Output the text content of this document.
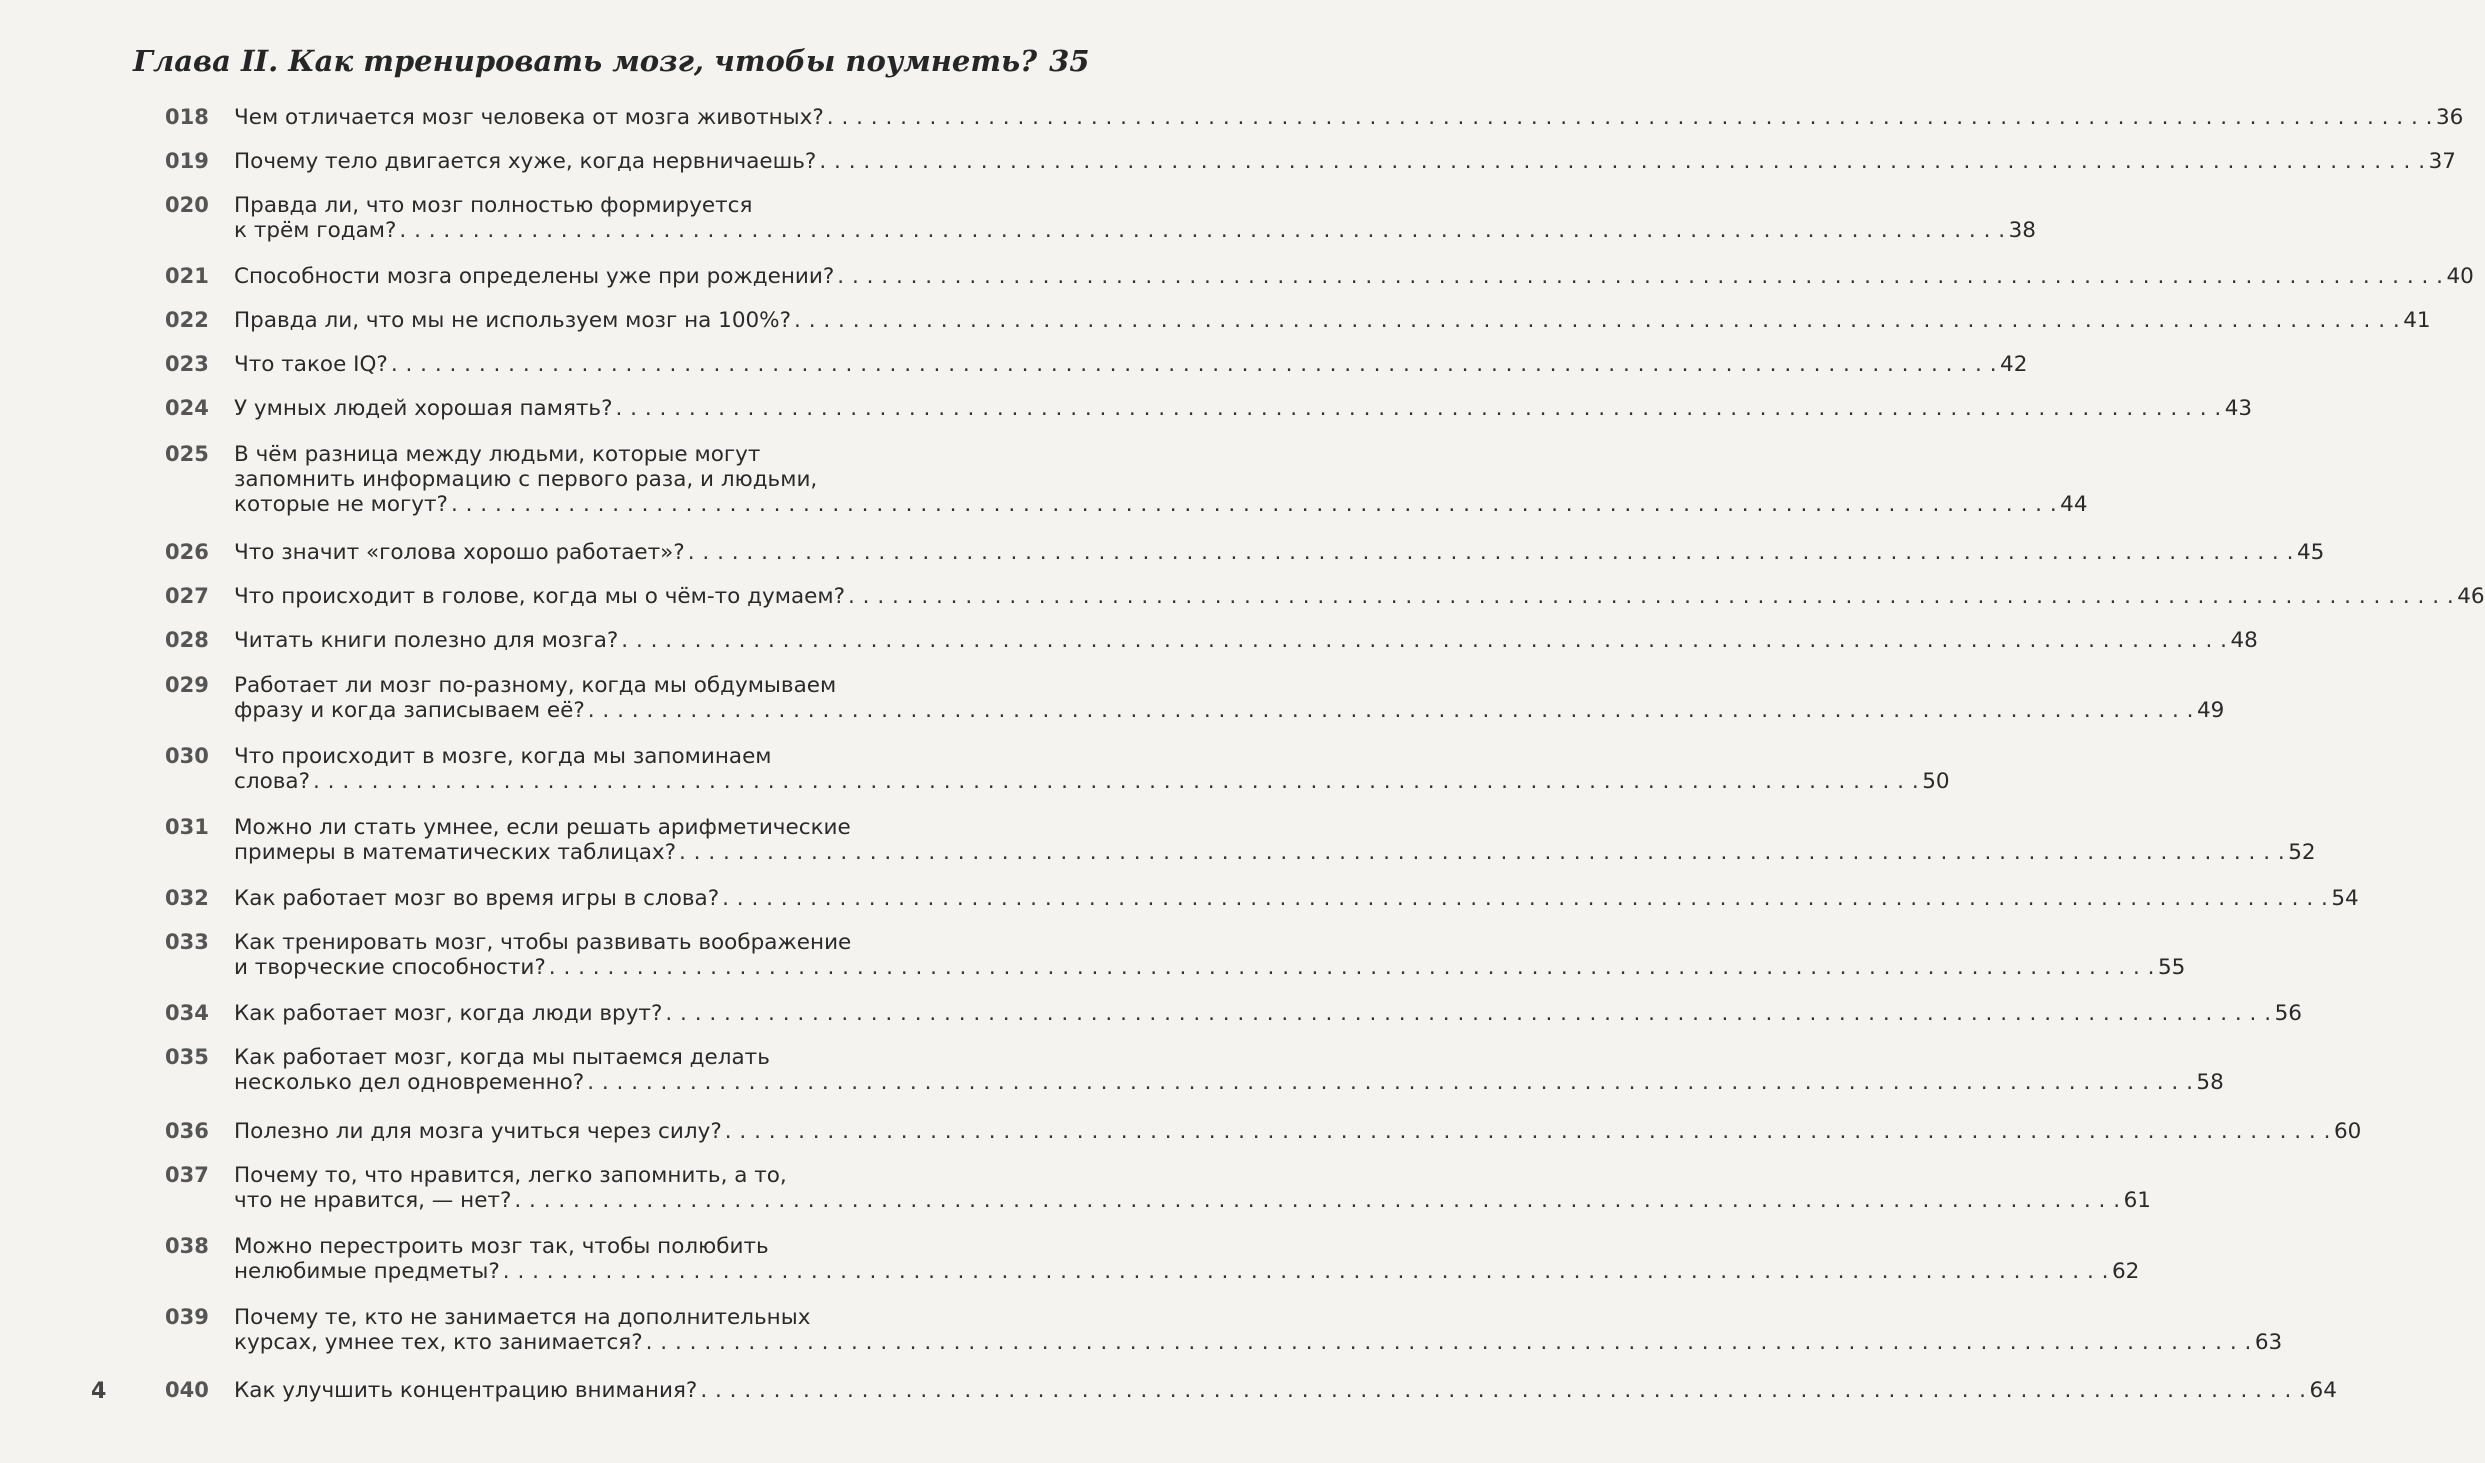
Глава II. Как тренировать мозг, чтобы поумнеть? 35
018	Чем отличается мозг человека от мозга животных? . . .	36
019	Почему тело двигается хуже, когда нервничаешь? . . .	37
020	Правда ли, что мозг полностью формируется
к трём годам? . . .	38
021	Способности мозга определены уже при рождении? . . .	40
022	Правда ли, что мы не используем мозг на 100%? . . .	41
023	Что такое IQ? . . .	42
024	У умных людей хорошая память? . . .	43
025	В чём разница между людьми, которые могут
запомнить информацию с первого раза, и людьми,
которые не могут? . . .	44
026	Что значит «голова хорошо работает»? . . .	45
027	Что происходит в голове, когда мы о чём-то думаем? . . .	46
028	Читать книги полезно для мозга? . . .	48
029	Работает ли мозг по-разному, когда мы обдумываем
фразу и когда записываем её? . . .	49
030	Что происходит в мозге, когда мы запоминаем
слова? . . .	50
031	Можно ли стать умнее, если решать арифметические
примеры в математических таблицах? . . .	52
032	Как работает мозг во время игры в слова? . . .	54
033	Как тренировать мозг, чтобы развивать воображение
и творческие способности? . . .	55
034	Как работает мозг, когда люди врут? . . .	56
035	Как работает мозг, когда мы пытаемся делать
несколько дел одновременно? . . .	58
036	Полезно ли для мозга учиться через силу? . . .	60
037	Почему то, что нравится, легко запомнить, а то,
что не нравится, — нет? . . .	61
038	Можно перестроить мозг так, чтобы полюбить
нелюбимые предметы? . . .	62
039	Почему те, кто не занимается на дополнительных
курсах, умнее тех, кто занимается? . . .	63
040	Как улучшить концентрацию внимания? . . .	64
4
